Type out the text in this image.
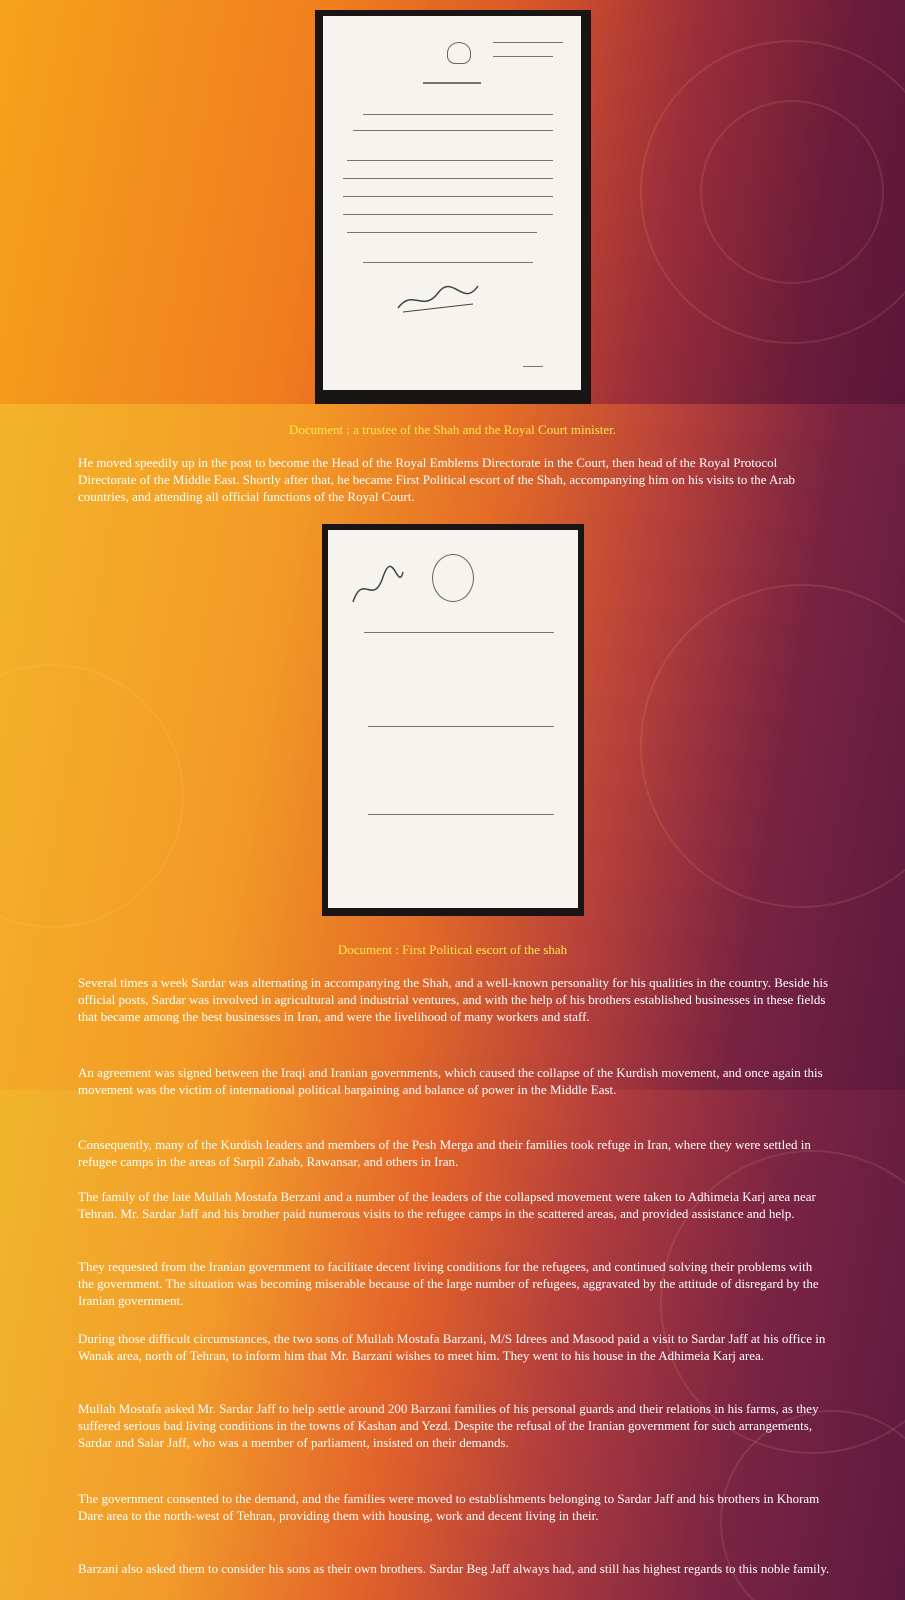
Document : a trustee of the Shah and the Royal Court minister.

He moved speedily up in the post to become the Head of the Royal Emblems Directorate in the Court, then head of the Royal Protocol Directorate of the Middle East. Shortly after that, he became First Political escort of the Shah, accompanying him on his visits to the Arab countries, and attending all official functions of the Royal Court.

Document : First Political escort of the shah

Several times a week Sardar was alternating in accompanying the Shah, and a well-known personality for his qualities in the country. Beside his official posts, Sardar was involved in agricultural and industrial ventures, and with the help of his brothers established businesses in these fields that became among the best businesses in Iran, and were the livelihood of many workers and staff.

An agreement was signed between the Iraqi and Iranian governments, which caused the collapse of the Kurdish movement, and once again this movement was the victim of international political bargaining and balance of power in the Middle East.

Consequently, many of the Kurdish leaders and members of the Pesh Merga and their families took refuge in Iran, where they were settled in refugee camps in the areas of Sarpil Zahab, Rawansar, and others in Iran.

The family of the late Mullah Mostafa Berzani and a number of the leaders of the collapsed movement were taken to Adhimeia Karj area near Tehran. Mr. Sardar Jaff and his brother paid numerous visits to the refugee camps in the scattered areas, and provided assistance and help.

They requested from the Iranian government to facilitate decent living conditions for the refugees, and continued solving their problems with the government. The situation was becoming miserable because of the large number of refugees, aggravated by the attitude of disregard by the Iranian government.

During those difficult circumstances, the two sons of Mullah Mostafa Barzani, M/S Idrees and Masood paid a visit to Sardar Jaff at his office in Wanak area, north of Tehran, to inform him that Mr. Barzani wishes to meet him. They went to his house in the Adhimeia Karj area.

Mullah Mostafa asked Mr. Sardar Jaff to help settle around 200 Barzani families of his personal guards and their relations in his farms, as they suffered serious bad living conditions in the towns of Kashan and Yezd. Despite the refusal of the Iranian government for such arrangements, Sardar and Salar Jaff, who was a member of parliament, insisted on their demands.

The government consented to the demand, and the families were moved to establishments belonging to Sardar Jaff and his brothers in Khoram Dare area to the north-west of Tehran, providing them with housing, work and decent living in their.

Barzani also asked them to consider his sons as their own brothers. Sardar Beg Jaff always had, and still has highest regards to this noble family.
